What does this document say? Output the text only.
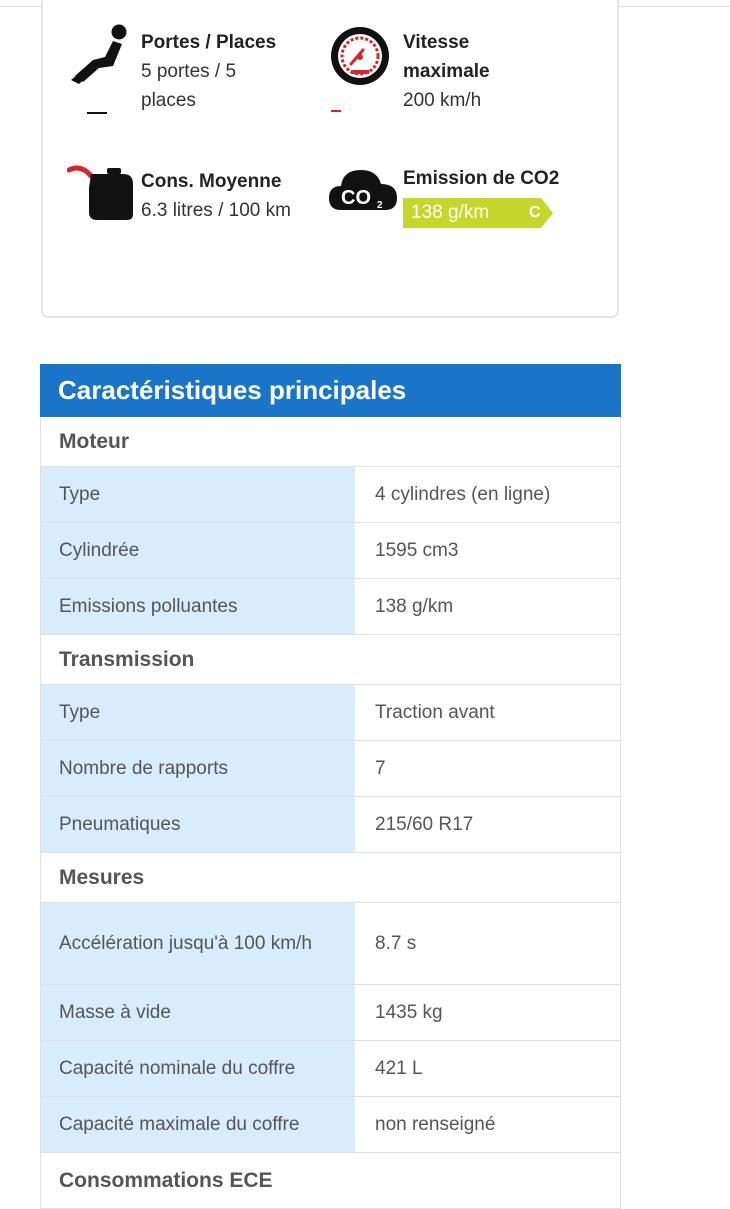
Portes / Places
5 portes / 5
places
Vitesse
maximale
200 km/h
Cons. Moyenne
6.3 litres / 100 km
CO 2
Emission de CO2
138 g/km C
Caractéristiques principales
Moteur
Type	4 cylindres (en ligne)
Cylindrée	1595 cm3
Emissions polluantes	138 g/km
Transmission
Type	Traction avant
Nombre de rapports	7
Pneumatiques	215/60 R17
Mesures
Accélération jusqu'à 100 km/h	8.7 s
Masse à vide	1435 kg
Capacité nominale du coffre	421 L
Capacité maximale du coffre	non renseigné
Consommations ECE
